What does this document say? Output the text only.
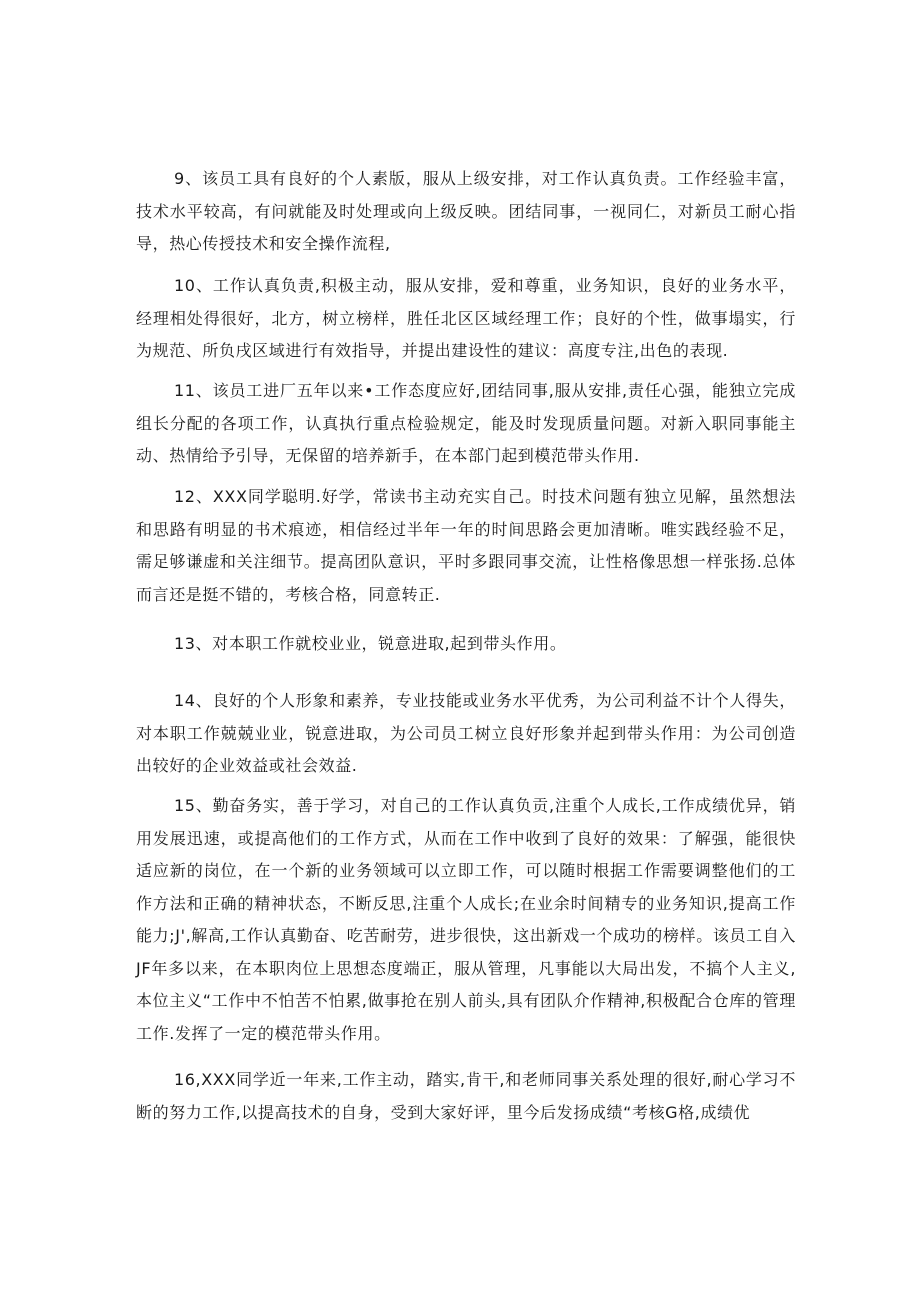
9、该员工具有良好的个人素版，服从上级安排，对工作认真负责。工作经验丰富，技术水平较高，有问就能及时处理或向上级反映。团结同事，一视同仁，对新员工耐心指导，热心传授技术和安全操作流程,

10、工作认真负责,积极主动，服从安排，爱和尊重，业务知识，良好的业务水平，经理相处得很好，北方，树立榜样，胜任北区区域经理工作；良好的个性，做事塌实，行为规范、所负戌区域进行有效指导，并提出建设性的建议：高度专注,出色的表现.

11、该员工进厂五年以来•工作态度应好,团结同事,服从安排,责任心强，能独立完成组长分配的各项工作，认真执行重点检验规定，能及时发现质量问题。对新入职同事能主动、热情给予引导，无保留的培养新手，在本部门起到模范带头作用.

12、XXX同学聪明.好学，常读书主动充实自己。时技术问题有独立见解，虽然想法和思路有明显的书术痕迹，相信经过半年一年的时间思路会更加清晰。唯实践经验不足，需足够谦虚和关注细节。提高团队意识，平时多跟同事交流，让性格像思想一样张扬.总体而言还是挺不错的，考核合格，同意转正.

13、对本职工作就校业业，锐意进取,起到带头作用。

14、良好的个人形象和素养，专业技能或业务水平优秀，为公司利益不计个人得失，对本职工作兢兢业业，锐意进取，为公司员工树立良好形象并起到带头作用：为公司创造出较好的企业效益或社会效益.

15、勤奋务实，善于学习，对自己的工作认真负贡,注重个人成长,工作成绩优异，销用发展迅速，或提高他们的工作方式，从而在工作中收到了良好的效果：了解强，能很快适应新的岗位，在一个新的业务领域可以立即工作，可以随时根据工作需要调整他们的工作方法和正确的精神状态，不断反思,注重个人成长;在业余时间精专的业务知识,提高工作能力;J',解高,工作认真勤奋、吃苦耐劳，进步很快，这出新戏一个成功的榜样。该员工自入JF年多以来，在本职肉位上思想态度端正，服从管理，凡事能以大局出发，不搞个人主义,本位主义“工作中不怕苦不怕累,做事抢在别人前头,具有团队介作精神,积极配合仓库的管理工作.发挥了一定的模范带头作用。

16,XXX同学近一年来,工作主动，踏实,肯干,和老师同事关系处理的很好,耐心学习不断的努力工作,以提高技术的自身，受到大家好评，里今后发扬成绩“考核G格,成绩优
